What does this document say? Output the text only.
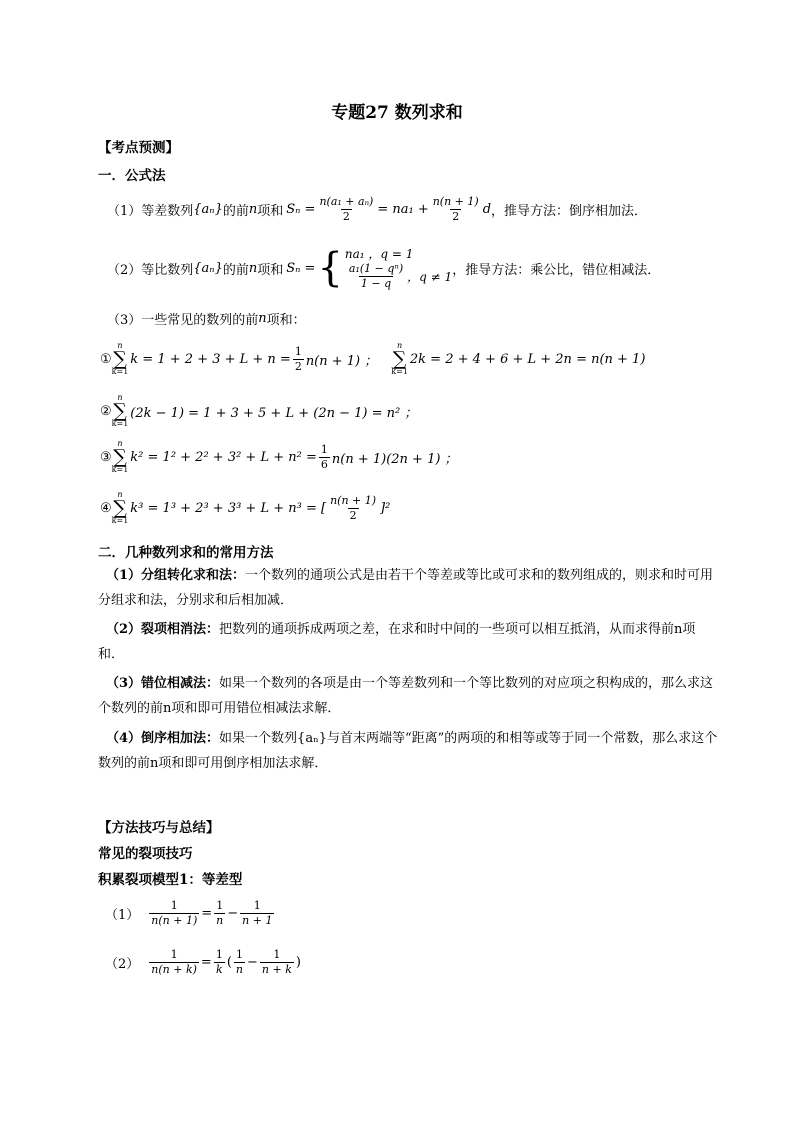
专题27 数列求和
【考点预测】
一．公式法
（1）等差数列 {aₙ} 的前 n 项和 $S_n = \frac{\text{n(a₁ + aₙ)}}{2} = na_1 + \frac{n(n + 1)}{2}$ d ，推导方法：倒序相加法．
（2）等比数列 {aₙ} 的前 n 项和 Sₙ = { na₁ ，q = 1
$\frac{\text{a₁(1 − qⁿ)}}{1 - q}$ ，q ≠ 1 ，推导方法：乘公比，错位相减法．
（3）一些常见的数列的前 n 项和：
①
n
∑
k=1
$k = 1 + 2 + 3 + L + n = \frac{1}{2} n(n + 1)$ ；
n
∑
k=1
2k = 2 + 4 + 6 + L + 2n = n(n + 1)
②
n
∑
k=1
(2k − 1) = 1 + 3 + 5 + L + (2n − 1) = n² ；
③
n
∑
k=1
$k^2 = 1^2 + 2^2 + 3^2 + L + n^2 = \frac{1}{6} n(n + 1)(2n + 1)$ ；
④
n
∑
k=1
k³ = 1³ + 2³ + 3³ + L + n³ = [ $\frac{n(n + 1)}{2} ]^2$
二．几种数列求和的常用方法
（1）分组转化求和法：一个数列的通项公式是由若干个等差或等比或可求和的数列组成的，则求和时可用分组求和法，分别求和后相加减．
（2）裂项相消法：把数列的通项拆成两项之差，在求和时中间的一些项可以相互抵消，从而求得前n项和．
（3）错位相减法：如果一个数列的各项是由一个等差数列和一个等比数列的对应项之积构成的，那么求这个数列的前n项和即可用错位相减法求解．
（4）倒序相加法：如果一个数列{aₙ}与首末两端等“距离”的两项的和相等或等于同一个常数，那么求这个数列的前n项和即可用倒序相加法求解．
【方法技巧与总结】
常见的裂项技巧
积累裂项模型1：等差型
$(1) \frac{1}{n(n + 1)} = \frac{1}{n} - \frac{1}{n + 1}$
$(2) \frac{1}{n(n + k)} = \frac{1}{k}$ ( $\frac{1}{n} - \frac{1}{n + k}$ )
